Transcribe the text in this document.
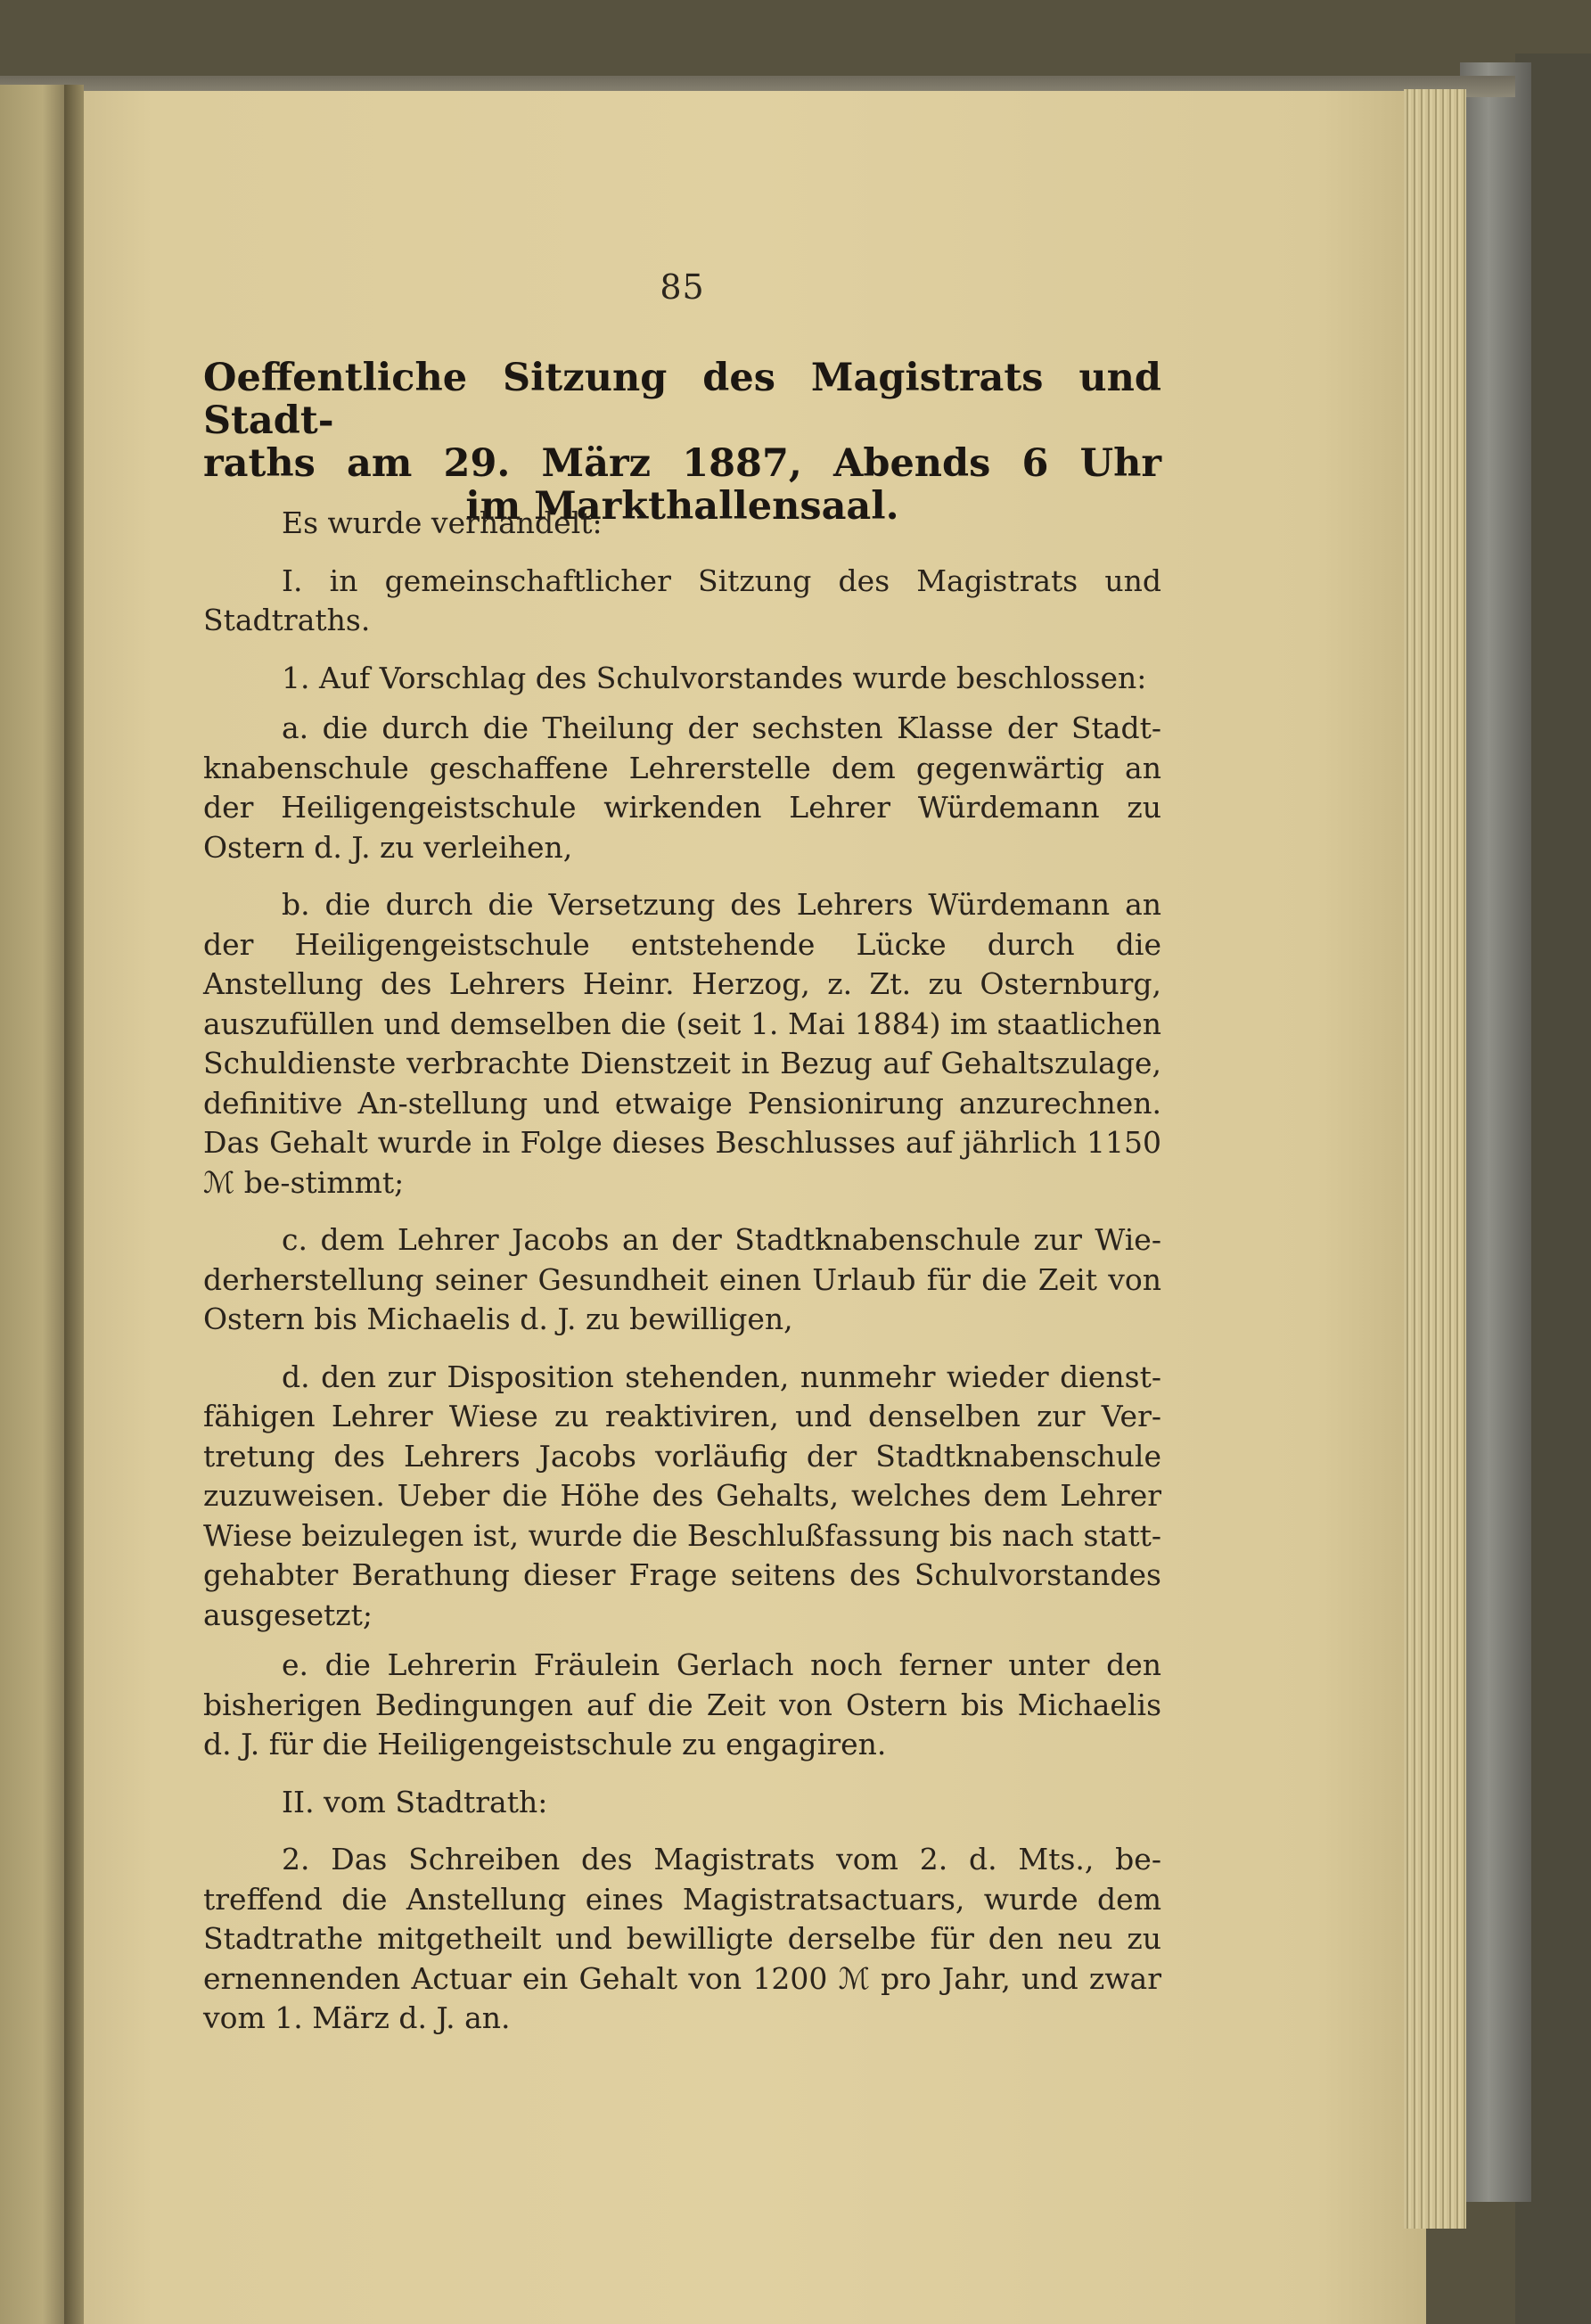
85
Oeffentliche Sitzung des Magistrats und Stadt-
raths am 29. März 1887, Abends 6 Uhr
im Markthallensaal.

Es wurde verhandelt:

I. in gemeinschaftlicher Sitzung des Magistrats und Stadtraths.

1. Auf Vorschlag des Schulvorstandes wurde beschlossen:

a. die durch die Theilung der sechsten Klasse der Stadt-knabenschule geschaffene Lehrerstelle dem gegenwärtig an der Heiligengeistschule wirkenden Lehrer Würdemann zu Ostern d. J. zu verleihen,

b. die durch die Versetzung des Lehrers Würdemann an der Heiligengeistschule entstehende Lücke durch die Anstellung des Lehrers Heinr. Herzog, z. Zt. zu Osternburg, auszufüllen und demselben die (seit 1. Mai 1884) im staatlichen Schuldienste verbrachte Dienstzeit in Bezug auf Gehaltszulage, definitive An-stellung und etwaige Pensionirung anzurechnen. Das Gehalt wurde in Folge dieses Beschlusses auf jährlich 1150 ℳ be-stimmt;

c. dem Lehrer Jacobs an der Stadtknabenschule zur Wie-derherstellung seiner Gesundheit einen Urlaub für die Zeit von Ostern bis Michaelis d. J. zu bewilligen,

d. den zur Disposition stehenden, nunmehr wieder dienst-fähigen Lehrer Wiese zu reaktiviren, und denselben zur Ver-tretung des Lehrers Jacobs vorläufig der Stadtknabenschule zuzuweisen. Ueber die Höhe des Gehalts, welches dem Lehrer Wiese beizulegen ist, wurde die Beschlußfassung bis nach statt-gehabter Berathung dieser Frage seitens des Schulvorstandes ausgesetzt;

e. die Lehrerin Fräulein Gerlach noch ferner unter den bisherigen Bedingungen auf die Zeit von Ostern bis Michaelis d. J. für die Heiligengeistschule zu engagiren.

II. vom Stadtrath:

2. Das Schreiben des Magistrats vom 2. d. Mts., be-treffend die Anstellung eines Magistratsactuars, wurde dem Stadtrathe mitgetheilt und bewilligte derselbe für den neu zu ernennenden Actuar ein Gehalt von 1200 ℳ pro Jahr, und zwar vom 1. März d. J. an.
